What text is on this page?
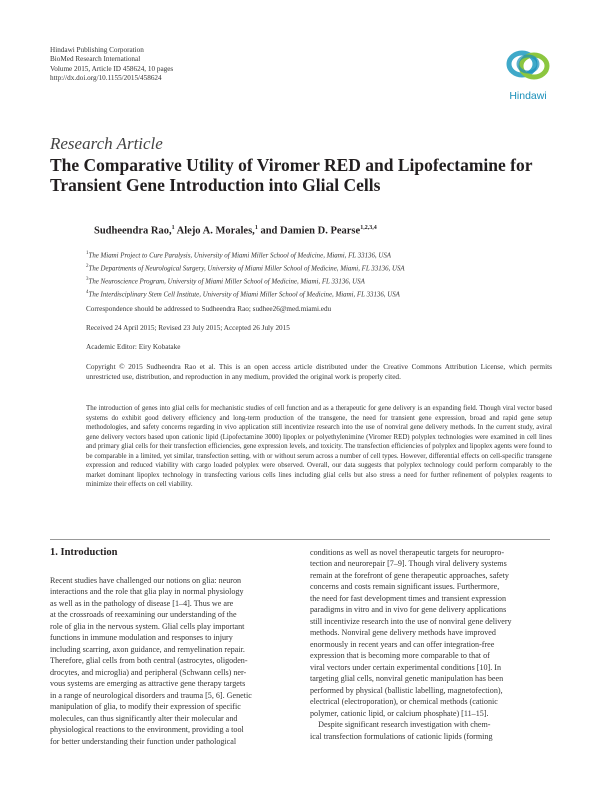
Hindawi Publishing Corporation
BioMed Research International
Volume 2015, Article ID 458624, 10 pages
http://dx.doi.org/10.1155/2015/458624
Hindawi
Research Article
The Comparative Utility of Viromer RED and Lipofectamine for Transient Gene Introduction into Glial Cells
Sudheendra Rao,$^1$ Alejo A. Morales,$^1$ and Damien D. Pearse$^{1,2,3,4}$
$^1$The Miami Project to Cure Paralysis, University of Miami Miller School of Medicine, Miami, FL 33136, USA
$^2$The Departments of Neurological Surgery, University of Miami Miller School of Medicine, Miami, FL 33136, USA
$^3$The Neuroscience Program, University of Miami Miller School of Medicine, Miami, FL 33136, USA
$^4$The Interdisciplinary Stem Cell Institute, University of Miami Miller School of Medicine, Miami, FL 33136, USA
Correspondence should be addressed to Sudheendra Rao; sudhee26@med.miami.edu
Received 24 April 2015; Revised 23 July 2015; Accepted 26 July 2015
Academic Editor: Eiry Kobatake
Copyright © 2015 Sudheendra Rao et al. This is an open access article distributed under the Creative Commons Attribution License, which permits unrestricted use, distribution, and reproduction in any medium, provided the original work is properly cited.
The introduction of genes into glial cells for mechanistic studies of cell function and as a therapeutic for gene delivery is an expanding field. Though viral vector based systems do exhibit good delivery efficiency and long-term production of the transgene, the need for transient gene expression, broad and rapid gene setup methodologies, and safety concerns regarding in vivo application still incentivize research into the use of nonviral gene delivery methods. In the current study, aviral gene delivery vectors based upon cationic lipid (Lipofectamine 3000) lipoplex or polyethylenimine (Viromer RED) polyplex technologies were examined in cell lines and primary glial cells for their transfection efficiencies, gene expression levels, and toxicity. The transfection efficiencies of polyplex and lipoplex agents were found to be comparable in a limited, yet similar, transfection setting, with or without serum across a number of cell types. However, differential effects on cell-specific transgene expression and reduced viability with cargo loaded polyplex were observed. Overall, our data suggests that polyplex technology could perform comparably to the market dominant lipoplex technology in transfecting various cells lines including glial cells but also stress a need for further refinement of polyplex reagents to minimize their effects on cell viability.
1. Introduction
Recent studies have challenged our notions on glia: neuron
interactions and the role that glia play in normal physiology
as well as in the pathology of disease [1–4]. Thus we are
at the crossroads of reexamining our understanding of the
role of glia in the nervous system. Glial cells play important
functions in immune modulation and responses to injury
including scarring, axon guidance, and remyelination repair.
Therefore, glial cells from both central (astrocytes, oligoden-
drocytes, and microglia) and peripheral (Schwann cells) ner-
vous systems are emerging as attractive gene therapy targets
in a range of neurological disorders and trauma [5, 6]. Genetic
manipulation of glia, to modify their expression of specific
molecules, can thus significantly alter their molecular and
physiological reactions to the environment, providing a tool
for better understanding their function under pathological
conditions as well as novel therapeutic targets for neuropro-
tection and neurorepair [7–9]. Though viral delivery systems
remain at the forefront of gene therapeutic approaches, safety
concerns and costs remain significant issues. Furthermore,
the need for fast development times and transient expression
paradigms in vitro and in vivo for gene delivery applications
still incentivize research into the use of nonviral gene delivery
methods. Nonviral gene delivery methods have improved
enormously in recent years and can offer integration-free
expression that is becoming more comparable to that of
viral vectors under certain experimental conditions [10]. In
targeting glial cells, nonviral genetic manipulation has been
performed by physical (ballistic labelling, magnetofection),
electrical (electroporation), or chemical methods (cationic
polymer, cationic lipid, or calcium phosphate) [11–15].
Despite significant research investigation with chem-
ical transfection formulations of cationic lipids (forming
